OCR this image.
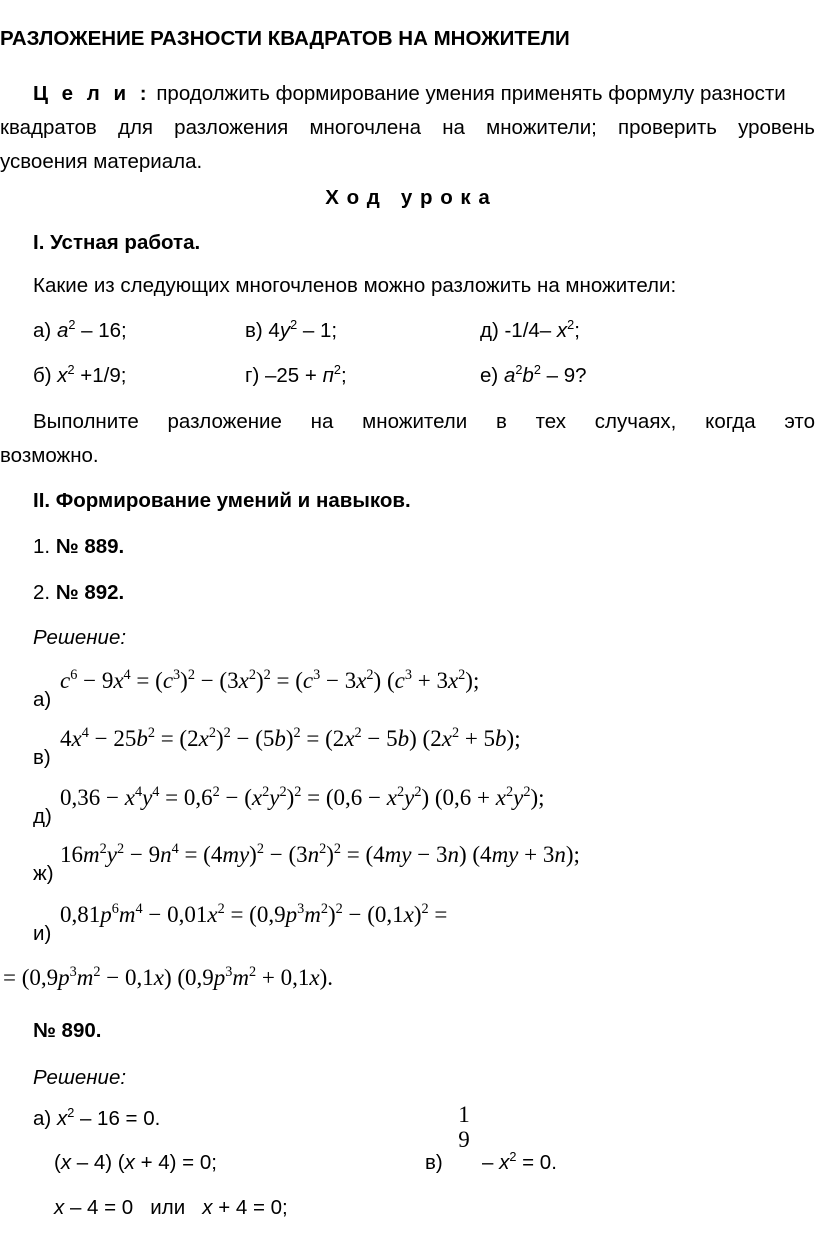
РАЗЛОЖЕНИЕ РАЗНОСТИ КВАДРАТОВ НА МНОЖИТЕЛИ
Ц е л и : продолжить формирование умения применять формулу разности
квадратов для разложения многочлена на множители; проверить уровень
усвоения материала.
Х о д   у р о к а
I. Устная работа.
Какие из следующих многочленов можно разложить на множители:
а) $a^2 - 16$;	в) $4y^2 - 1$;	д) -1/4– $x^2$;
б) $x^2 +1/9$;	г) $-25 + п^2$;	е) $a^2b^2 - 9$?
Выполните разложение на множители в тех случаях, когда это
возможно.
II. Формирование умений и навыков.
1. № 889.
2. № 892.
Решение:
а)
$c^6 - 9x^4 = (c^3)^2 - (3x^2)^2 = (c^3 - 3x^2) (c^3 + 3x^2)$;
в)
$4x^4 - 25b^2 = (2x^2)^2 - (5b)^2 = (2x^2 - 5b) (2x^2 + 5b)$;
д)
$0,36 - x^4y^4 = 0,6^2 - (x^2y^2)^2 = (0,6 - x^2y^2) (0,6 + x^2y^2)$;
ж)
$16m^2y^2 - 9n^4 = (4my)^2 - (3n^2)^2 = (4my - 3n) (4my + 3n)$;
и)
$0,81p^6m^4 - 0,01x^2 = (0,9p^3m^2)^2 - (0,1x)^2$ =
= $(0,9p^3m^2 - 0,1x) (0,9p^3m^2 + 0,1x)$.
№ 890.
Решение:
а) $x^2 - 16 = 0$.
(x – 4) (x + 4) = 0;
x – 4 = 0   или x + 4 = 0;
в)
1
9
– $x^2 = 0$.
